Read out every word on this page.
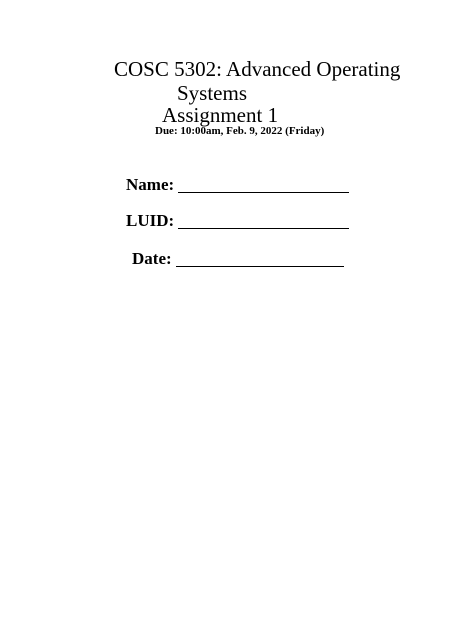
COSC 5302: Advanced Operating
Systems
Assignment 1
Due: 10:00am, Feb. 9, 2022 (Friday)
Name:
LUID:
Date:
